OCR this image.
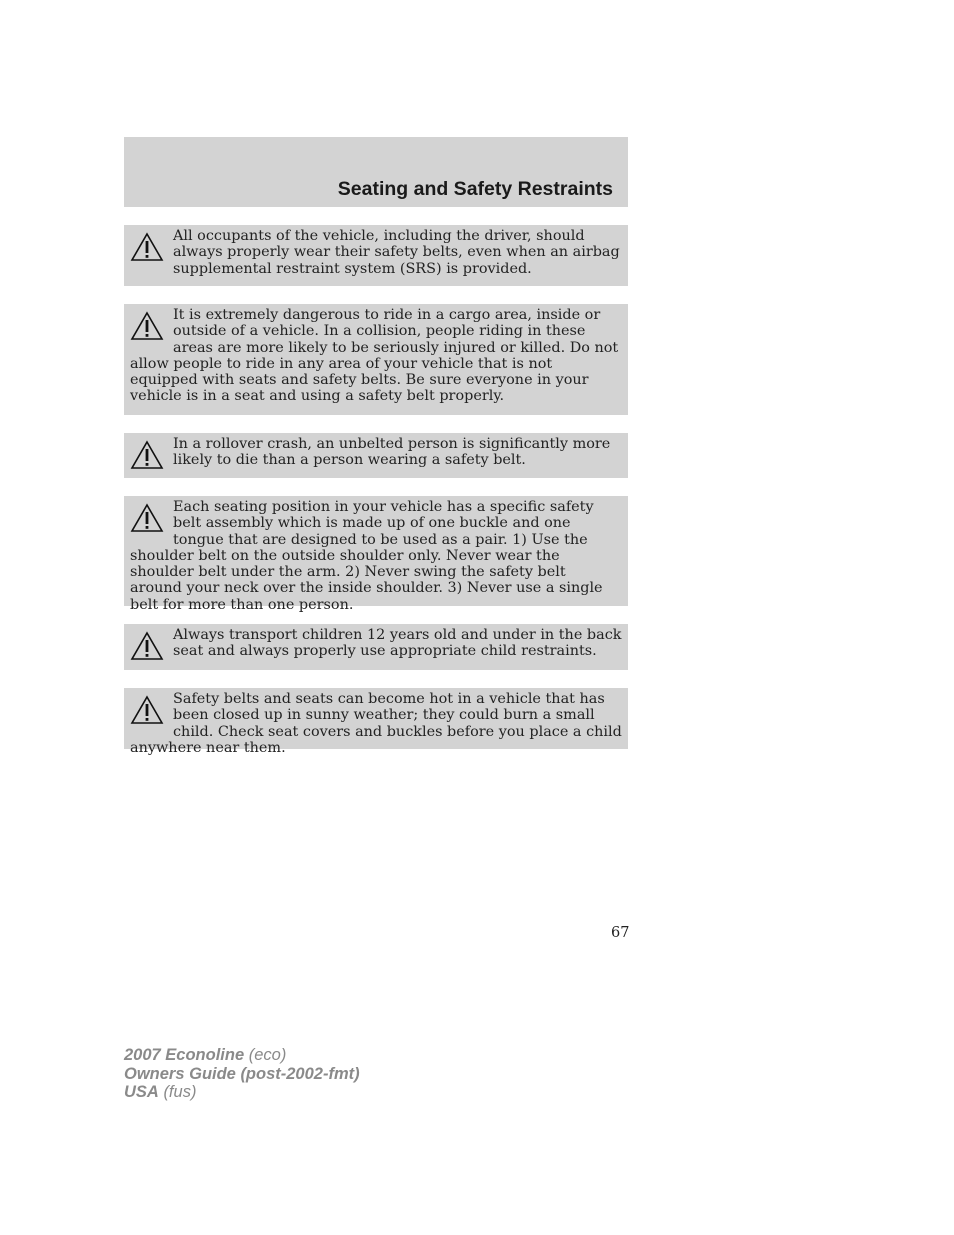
Seating and Safety Restraints

All occupants of the vehicle, including the driver, should always properly wear their safety belts, even when an airbag supplemental restraint system (SRS) is provided.

It is extremely dangerous to ride in a cargo area, inside or outside of a vehicle. In a collision, people riding in these areas are more likely to be seriously injured or killed. Do not allow people to ride in any area of your vehicle that is not equipped with seats and safety belts. Be sure everyone in your vehicle is in a seat and using a safety belt properly.

In a rollover crash, an unbelted person is significantly more likely to die than a person wearing a safety belt.

Each seating position in your vehicle has a specific safety belt assembly which is made up of one buckle and one tongue that are designed to be used as a pair. 1) Use the shoulder belt on the outside shoulder only. Never wear the shoulder belt under the arm. 2) Never swing the safety belt around your neck over the inside shoulder. 3) Never use a single belt for more than one person.

Always transport children 12 years old and under in the back seat and always properly use appropriate child restraints.

Safety belts and seats can become hot in a vehicle that has been closed up in sunny weather; they could burn a small child. Check seat covers and buckles before you place a child anywhere near them.

67
2007 Econoline (eco)
Owners Guide (post-2002-fmt)
USA (fus)
